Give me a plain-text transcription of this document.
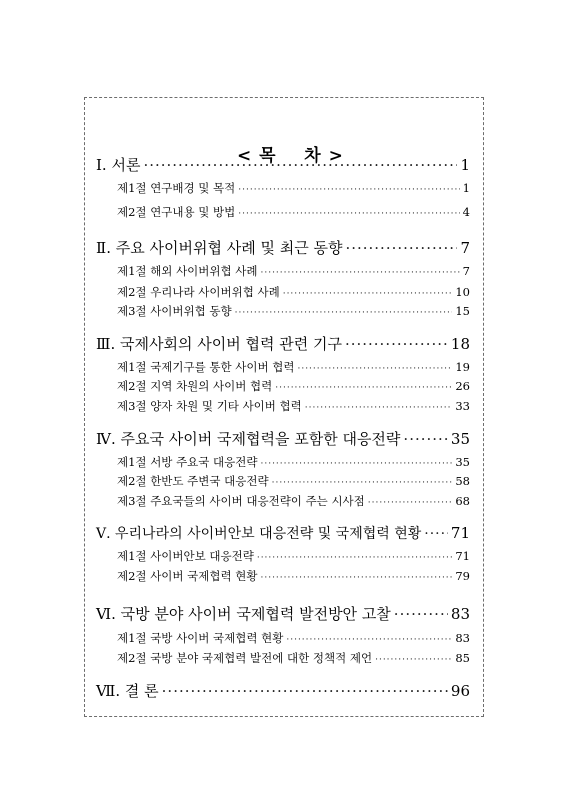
< 목    차 >

Ⅰ. 서론 ·····	1
제1절 연구배경 및 목적 ·····	1
제2절 연구내용 및 방법 ·····	4
Ⅱ. 주요 사이버위협 사례 및 최근 동향 ·····	7
제1절 해외 사이버위협 사례 ·····	7
제2절 우리나라 사이버위협 사례 ·····	10
제3절 사이버위협 동향 ·····	15
Ⅲ. 국제사회의 사이버 협력 관련 기구 ·····	18
제1절 국제기구를 통한 사이버 협력 ·····	19
제2절 지역 차원의 사이버 협력 ·····	26
제3절 양자 차원 및 기타 사이버 협력 ·····	33
Ⅳ. 주요국 사이버 국제협력을 포함한 대응전략 ·····	35
제1절 서방 주요국 대응전략 ·····	35
제2절 한반도 주변국 대응전략 ·····	58
제3절 주요국들의 사이버 대응전략이 주는 시사점 ·····	68
Ⅴ. 우리나라의 사이버안보 대응전략 및 국제협력 현황 ····· 71
제1절 사이버안보 대응전략 ·····	71
제2절 사이버 국제협력 현황 ·····	79
Ⅵ. 국방 분야 사이버 국제협력 발전방안 고찰 ·····	83
제1절 국방 사이버 국제협력 현황 ·····	83
제2절 국방 분야 국제협력 발전에 대한 정책적 제언 ·····	85
Ⅶ. 결 론 ·····	96
